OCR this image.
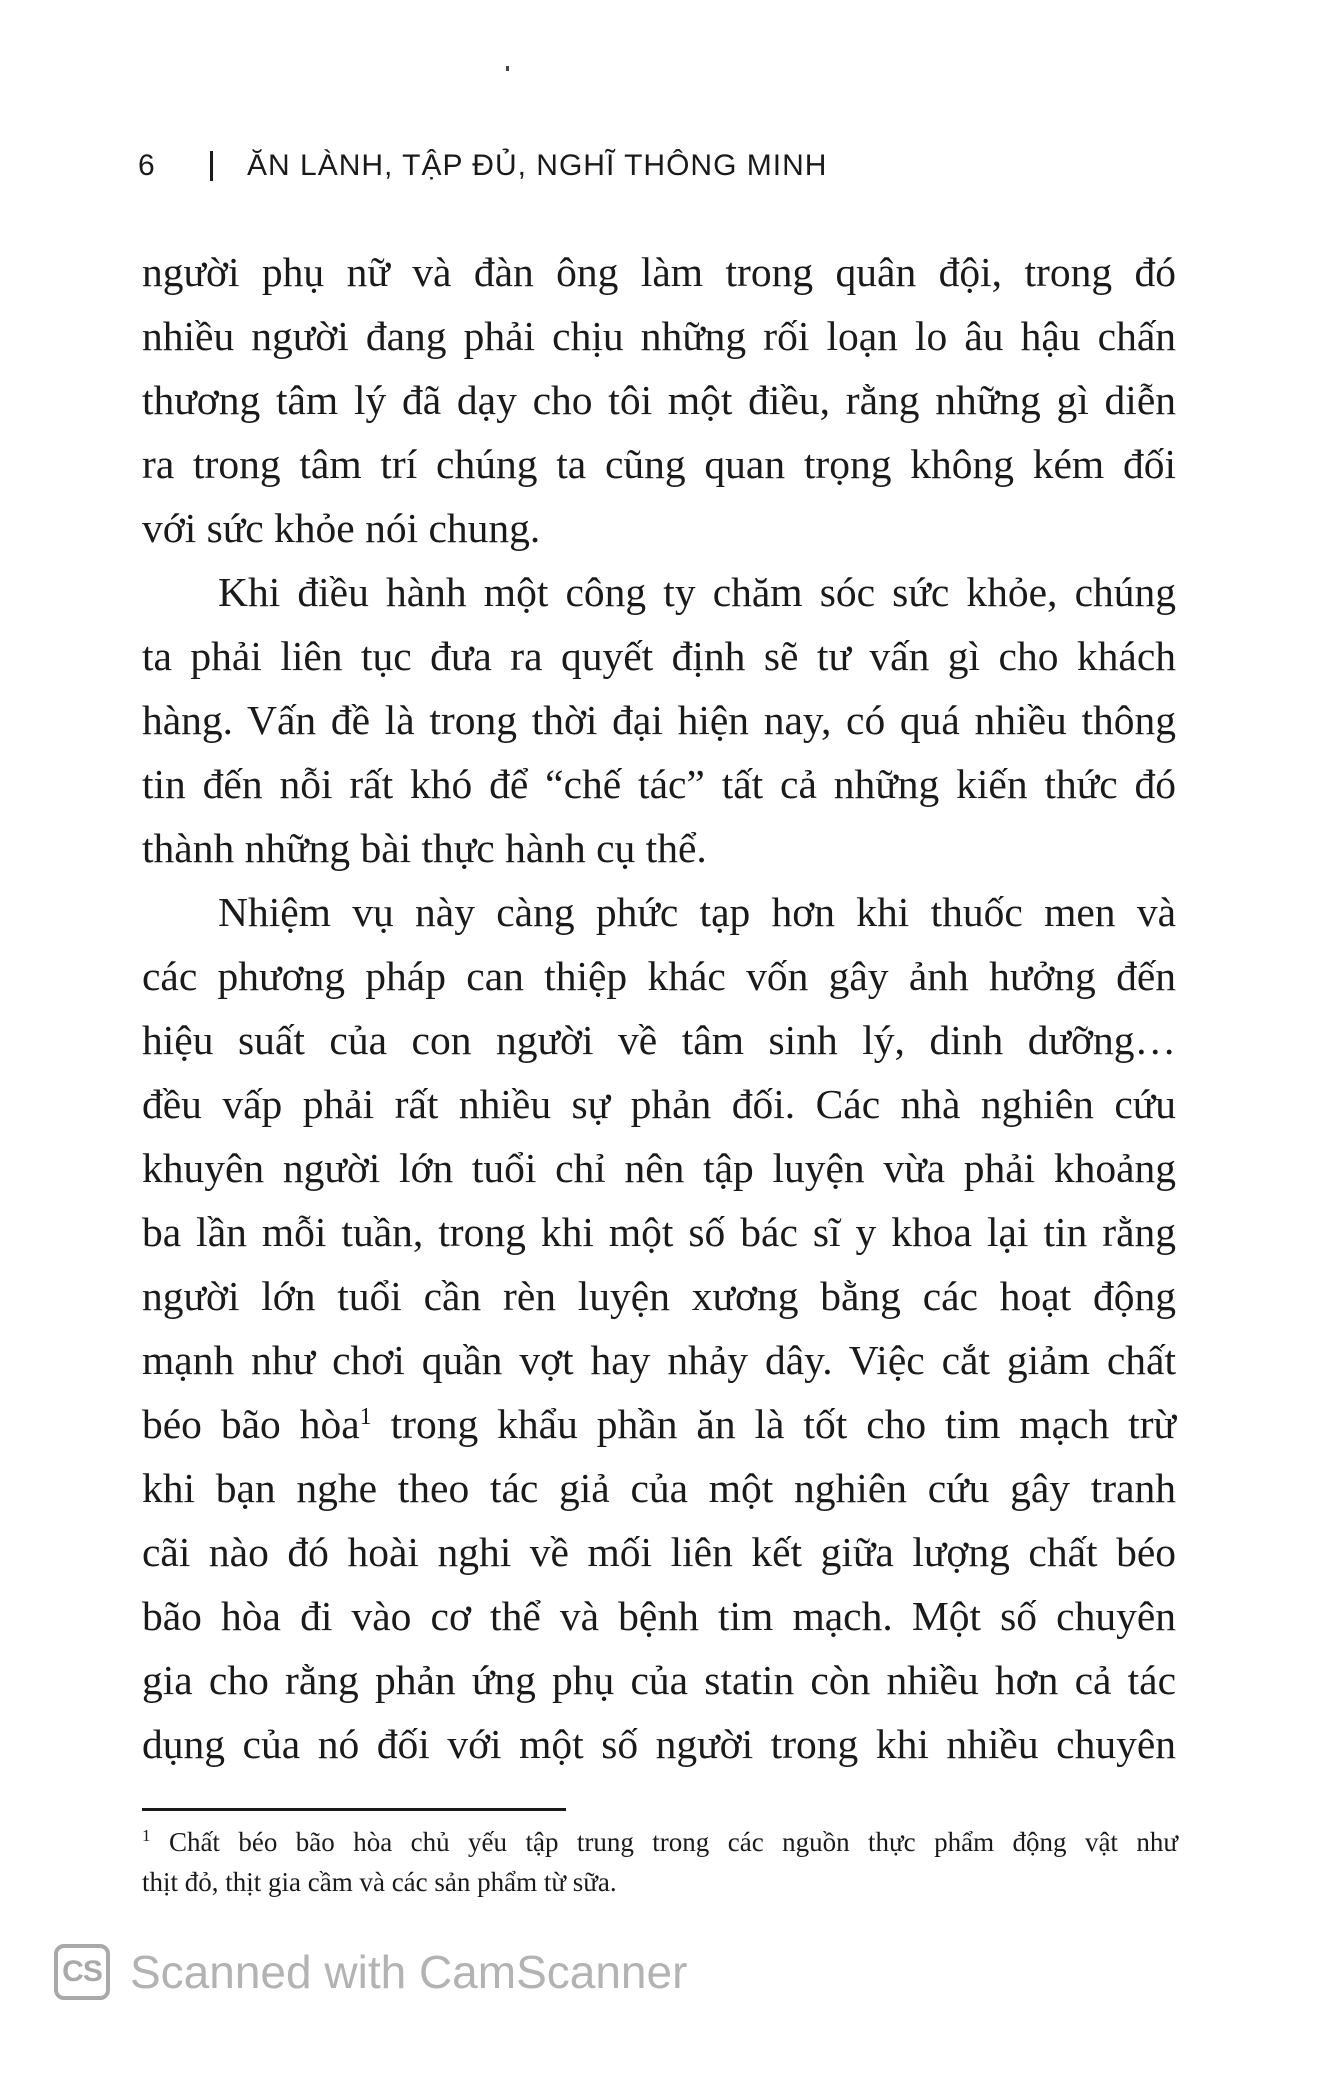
6	ĂN LÀNH, TẬP ĐỦ, NGHĨ THÔNG MINH
người phụ nữ và đàn ông làm trong quân đội, trong đó
nhiều người đang phải chịu những rối loạn lo âu hậu chấn
thương tâm lý đã dạy cho tôi một điều, rằng những gì diễn
ra trong tâm trí chúng ta cũng quan trọng không kém đối
với sức khỏe nói chung.
Khi điều hành một công ty chăm sóc sức khỏe, chúng
ta phải liên tục đưa ra quyết định sẽ tư vấn gì cho khách
hàng. Vấn đề là trong thời đại hiện nay, có quá nhiều thông
tin đến nỗi rất khó để “chế tác” tất cả những kiến thức đó
thành những bài thực hành cụ thể.
Nhiệm vụ này càng phức tạp hơn khi thuốc men và
các phương pháp can thiệp khác vốn gây ảnh hưởng đến
hiệu suất của con người về tâm sinh lý, dinh dưỡng…
đều vấp phải rất nhiều sự phản đối. Các nhà nghiên cứu
khuyên người lớn tuổi chỉ nên tập luyện vừa phải khoảng
ba lần mỗi tuần, trong khi một số bác sĩ y khoa lại tin rằng
người lớn tuổi cần rèn luyện xương bằng các hoạt động
mạnh như chơi quần vợt hay nhảy dây. Việc cắt giảm chất
béo bão hòa$^1$ trong khẩu phần ăn là tốt cho tim mạch trừ
khi bạn nghe theo tác giả của một nghiên cứu gây tranh
cãi nào đó hoài nghi về mối liên kết giữa lượng chất béo
bão hòa đi vào cơ thể và bệnh tim mạch. Một số chuyên
gia cho rằng phản ứng phụ của statin còn nhiều hơn cả tác
dụng của nó đối với một số người trong khi nhiều chuyên
$^1$ Chất béo bão hòa chủ yếu tập trung trong các nguồn thực phẩm động vật như
thịt đỏ, thịt gia cầm và các sản phẩm từ sữa.
CS Scanned with CamScanner
